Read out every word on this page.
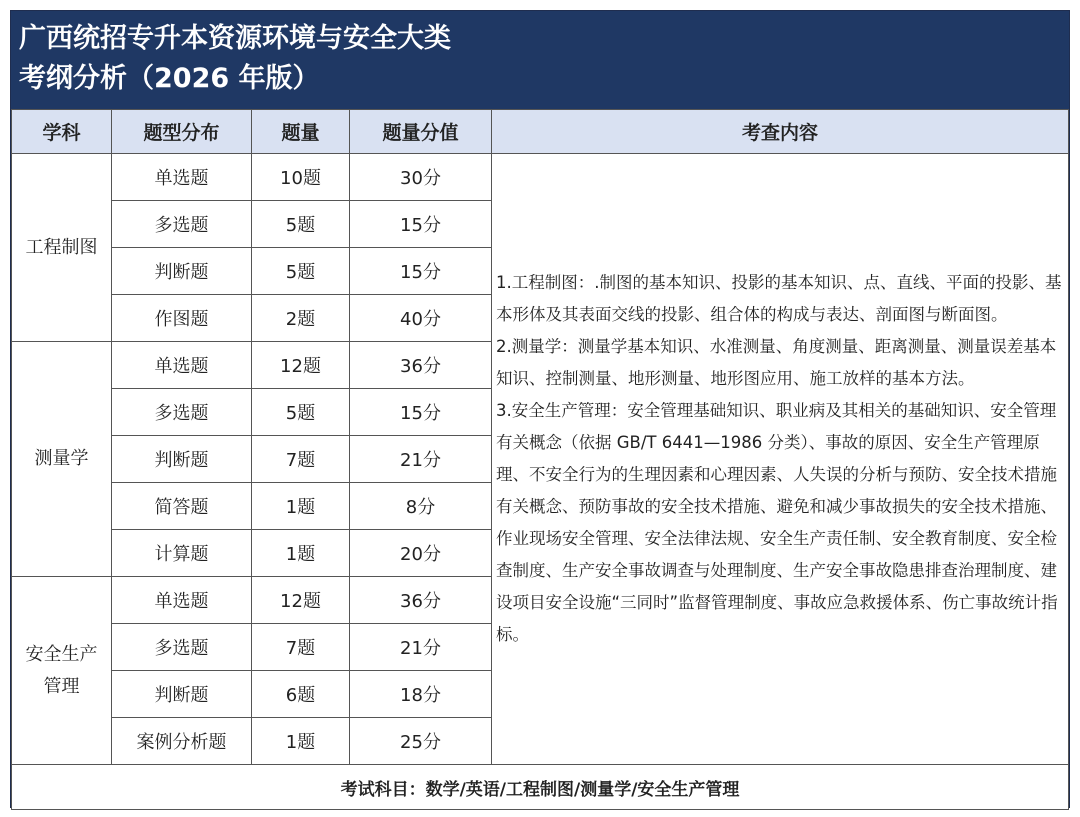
广西统招专升本资源环境与安全大类
考纲分析（2026 年版）
学科	题型分布	题量	题量分值	考查内容
工程制图	单选题	10题	30分	1.工程制图：.制图的基本知识、投影的基本知识、点、直线、平面的投影、基本形体及其表面交线的投影、组合体的构成与表达、剖面图与断面图。
2.测量学：测量学基本知识、水准测量、角度测量、距离测量、测量误差基本知识、控制测量、地形测量、地形图应用、施工放样的基本方法。
3.安全生产管理：安全管理基础知识、职业病及其相关的基础知识、安全管理有关概念（依据 GB/T 6441—1986 分类）、事故的原因、安全生产管理原理、不安全行为的生理因素和心理因素、人失误的分析与预防、安全技术措施有关概念、预防事故的安全技术措施、避免和减少事故损失的安全技术措施、作业现场安全管理、安全法律法规、安全生产责任制、安全教育制度、安全检查制度、生产安全事故调查与处理制度、生产安全事故隐患排查治理制度、建设项目安全设施“三同时”监督管理制度、事故应急救援体系、伤亡事故统计指标。

	多选题	5题	15分	
	判断题	5题	15分	
	作图题	2题	40分	
测量学	单选题	12题	36分	
	多选题	5题	15分	
	判断题	7题	21分	
	简答题	1题	8分	
	计算题	1题	20分	

安全生产
管理	单选题	12题	36分	
	多选题	7题	21分	
	判断题	6题	18分	
	案例分析题	1题	25分	
考试科目：数学/英语/工程制图/测量学/安全生产管理				
